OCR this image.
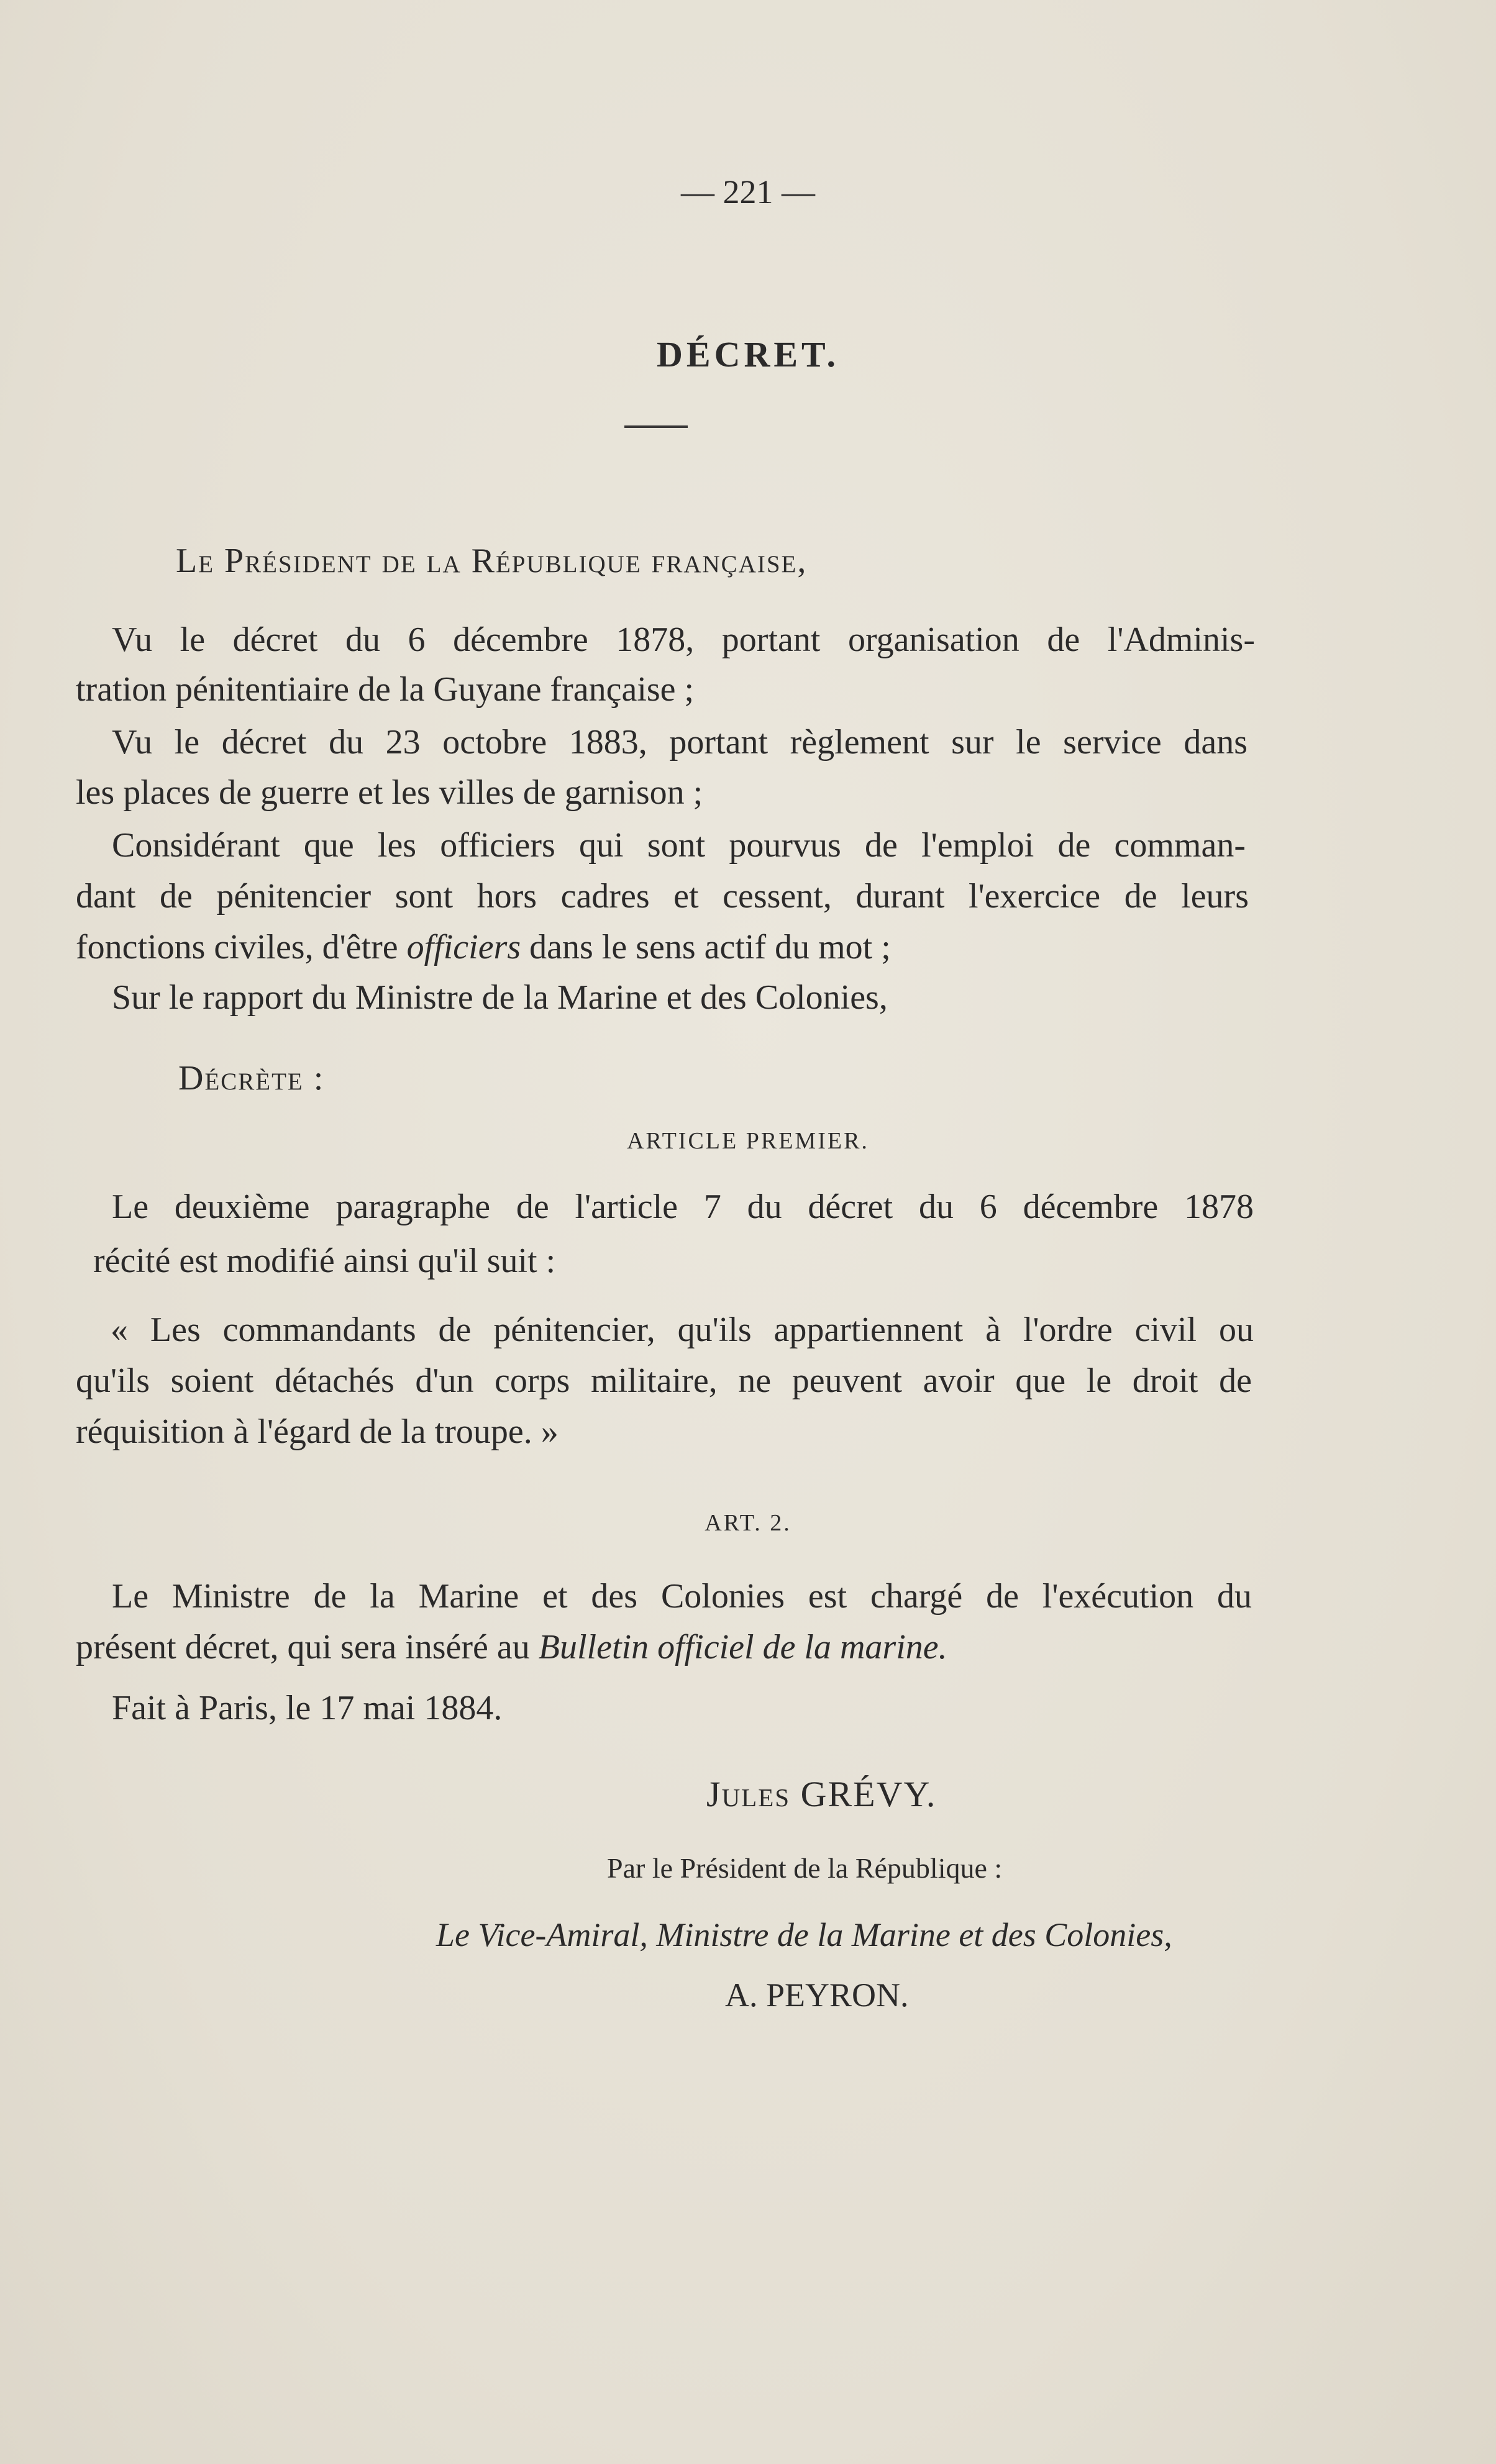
— 221 —
DÉCRET.
Le Président de la République française,
Vu le décret du 6 décembre 1878, portant organisation de l'Adminis-
tration pénitentiaire de la Guyane française ;
Vu le décret du 23 octobre 1883, portant règlement sur le service dans
les places de guerre et les villes de garnison ;
Considérant que les officiers qui sont pourvus de l'emploi de comman-
dant de pénitencier sont hors cadres et cessent, durant l'exercice de leurs
fonctions civiles, d'être officiers dans le sens actif du mot ;
Sur le rapport du Ministre de la Marine et des Colonies,
Décrète :
ARTICLE PREMIER.
Le deuxième paragraphe de l'article 7 du décret du 6 décembre 1878
récité est modifié ainsi qu'il suit :
« Les commandants de pénitencier, qu'ils appartiennent à l'ordre civil ou
qu'ils soient détachés d'un corps militaire, ne peuvent avoir que le droit de
réquisition à l'égard de la troupe. »
ART. 2.
Le Ministre de la Marine et des Colonies est chargé de l'exécution du
présent décret, qui sera inséré au Bulletin officiel de la marine.
Fait à Paris, le 17 mai 1884.
Jules GRÉVY.
Par le Président de la République :
Le Vice-Amiral, Ministre de la Marine et des Colonies,
A. PEYRON.
